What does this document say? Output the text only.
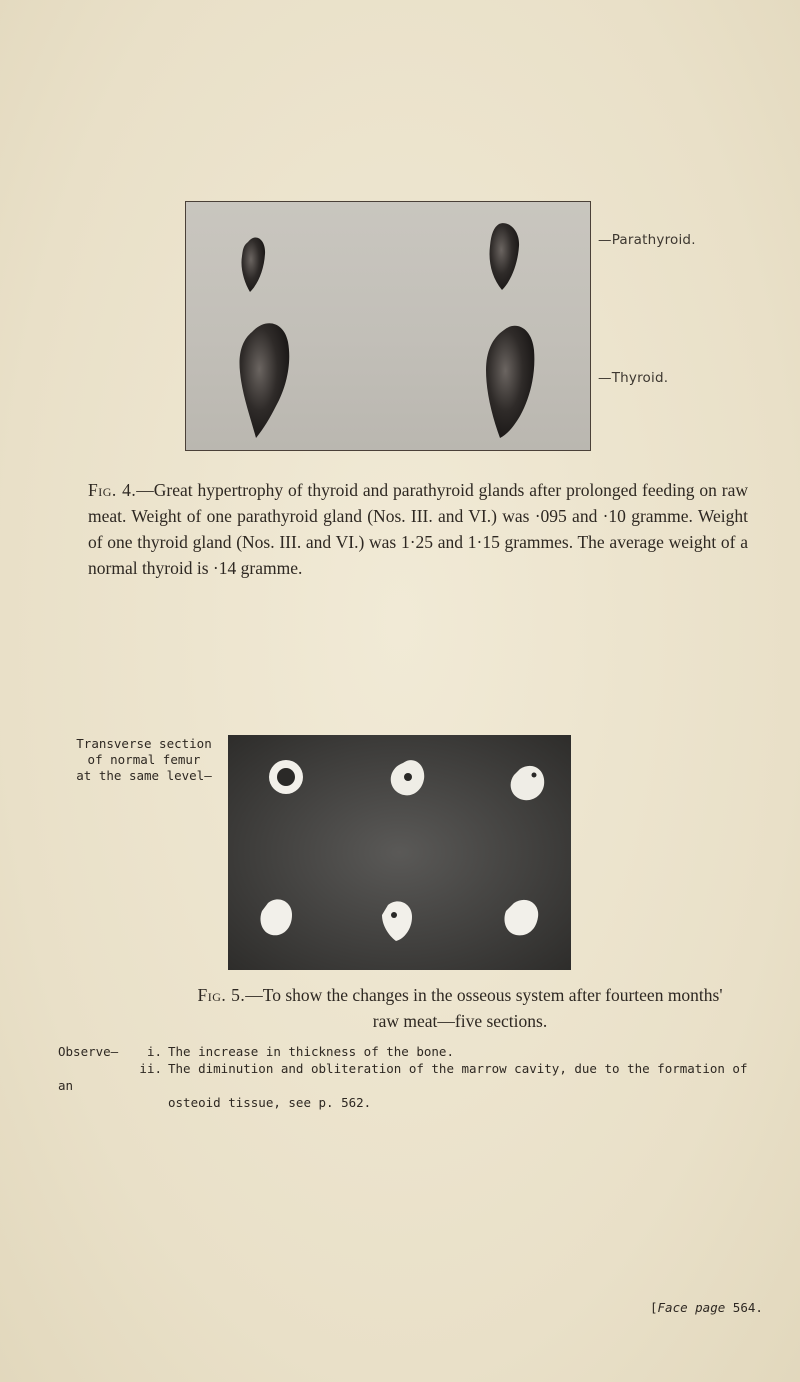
—Parathyroid.
—Thyroid.
Fig. 4.—Great hypertrophy of thyroid and parathyroid glands after prolonged feeding on raw meat. Weight of one parathyroid gland (Nos. III. and VI.) was ·095 and ·10 gramme. Weight of one thyroid gland (Nos. III. and VI.) was 1·25 and 1·15 grammes. The average weight of a normal thyroid is ·14 gramme.
Transverse section
of normal femur
at the same level—
Fig. 5.—To show the changes in the osseous system after fourteen months'
raw meat—five sections.
Observe— i. The increase in thickness of the bone.
ii. The diminution and obliteration of the marrow cavity, due to the formation of an
osteoid tissue, see p. 562.
[Face page 564.
